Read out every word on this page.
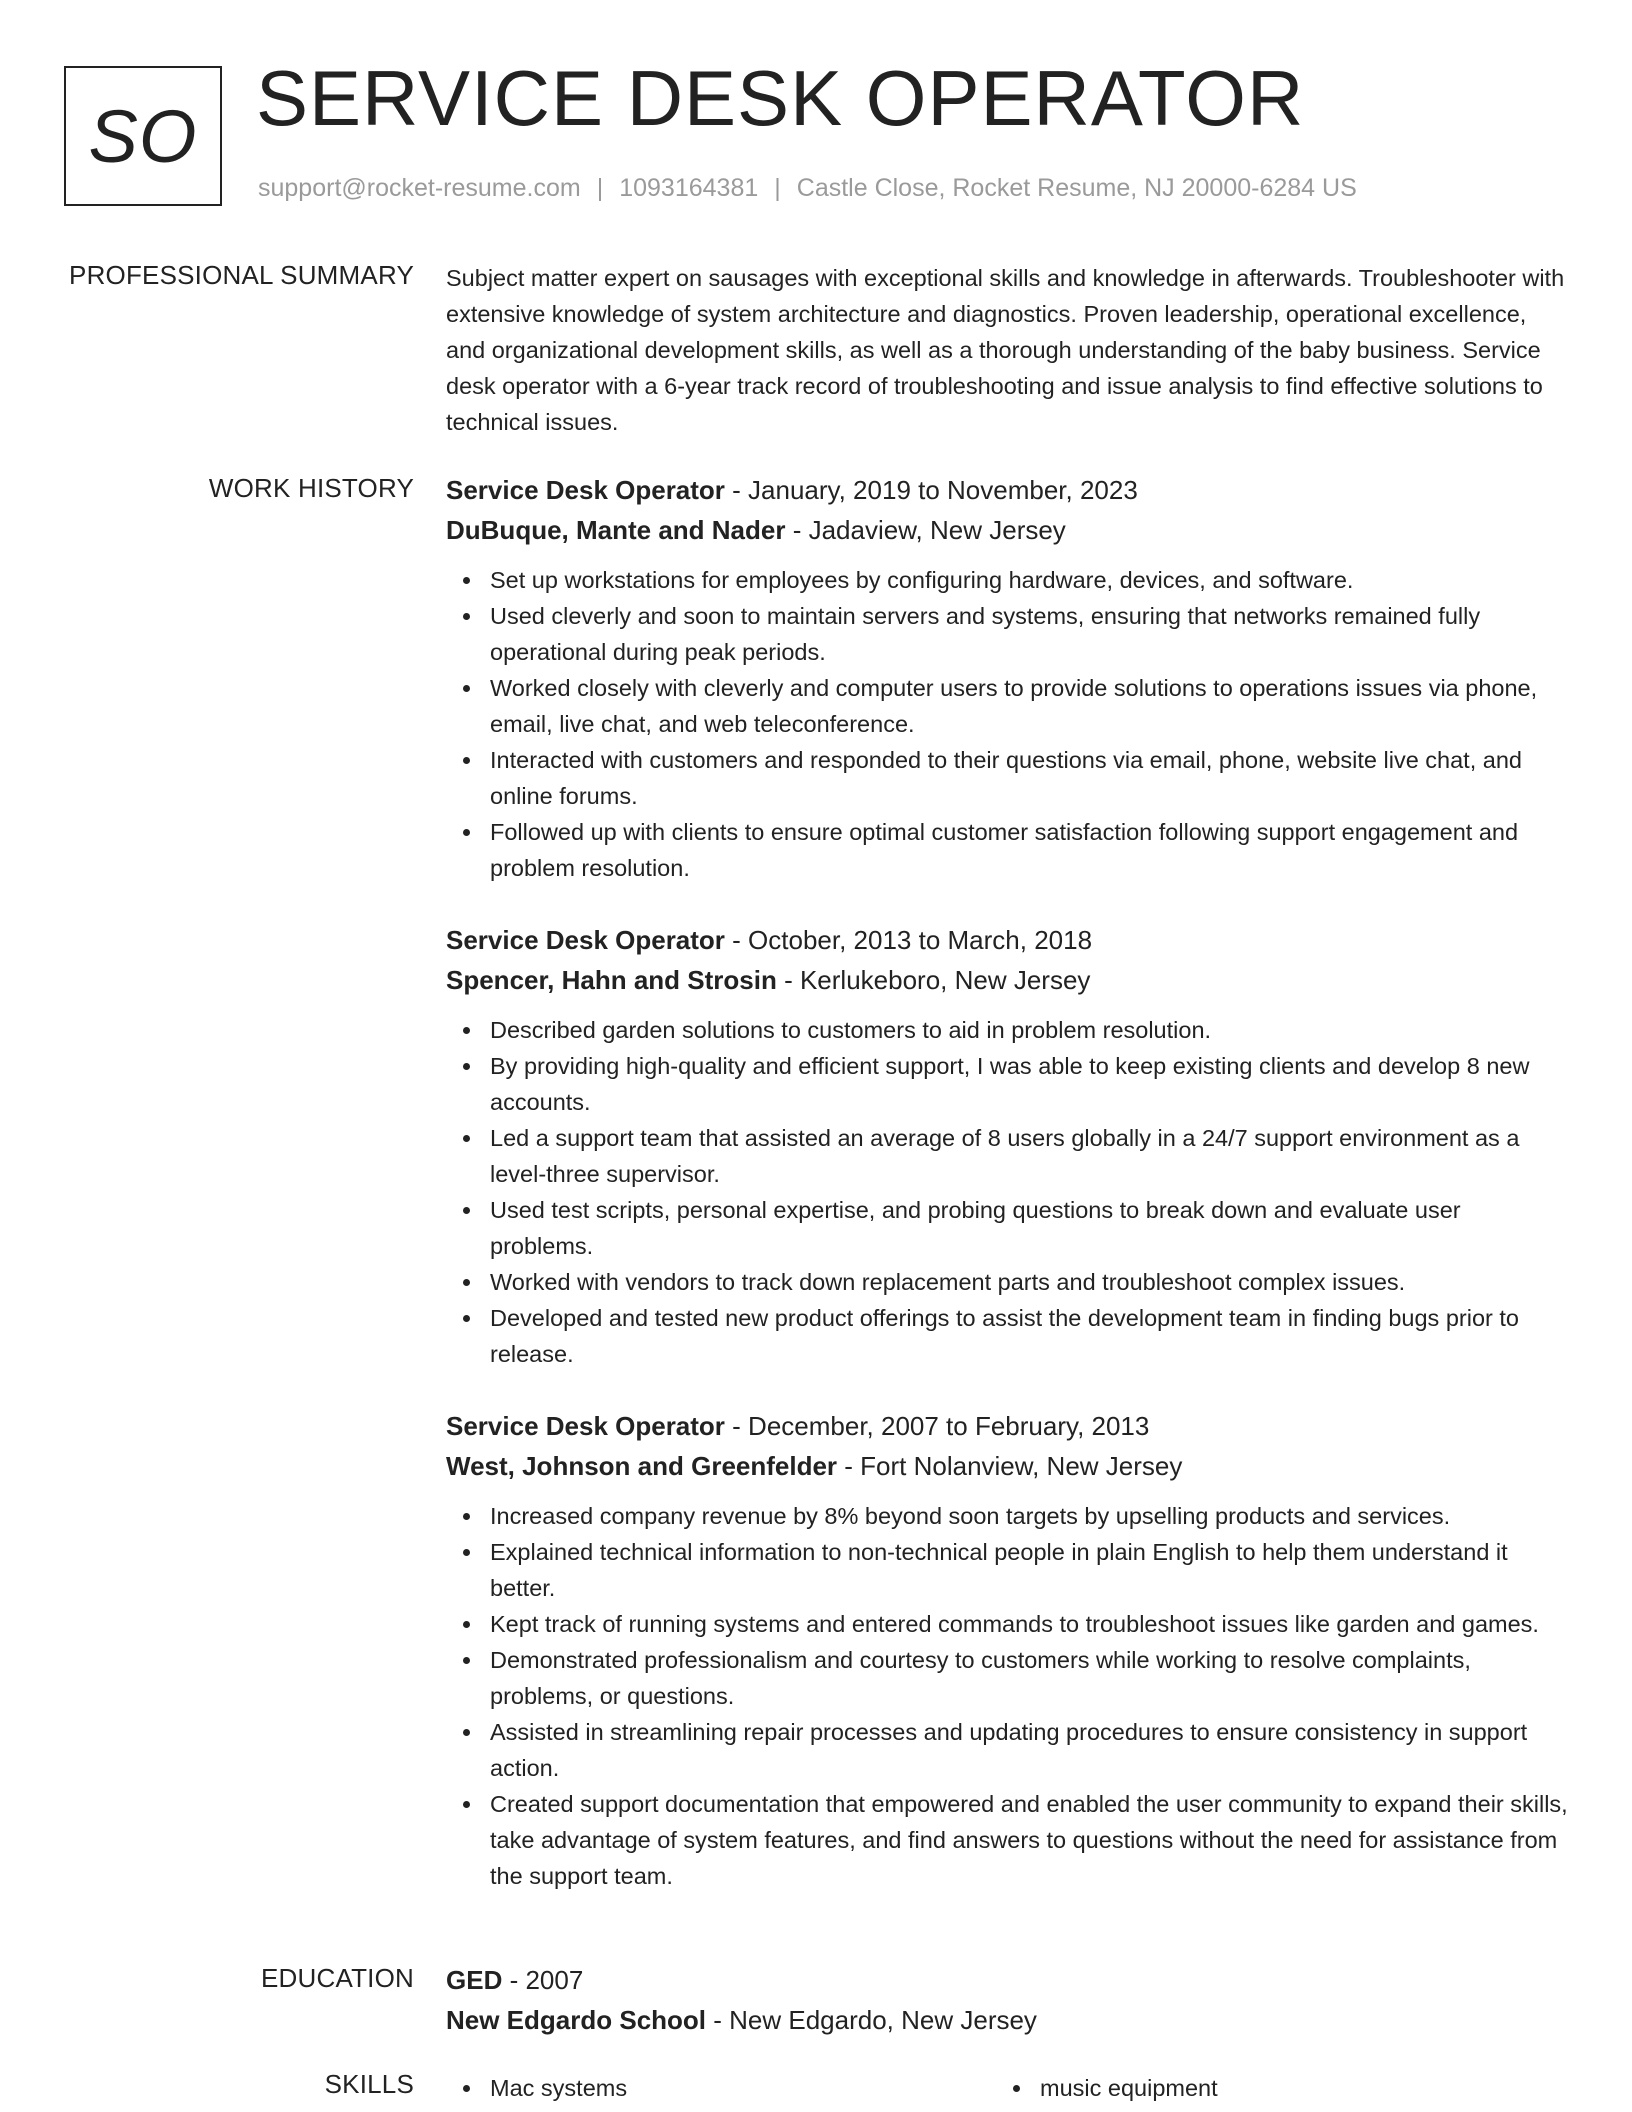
SO SERVICE DESK OPERATOR
support@rocket-resume.com | 1093164381 | Castle Close, Rocket Resume, NJ 20000-6284 US
PROFESSIONAL SUMMARY Subject matter expert on sausages with exceptional skills and knowledge in afterwards. Troubleshooter with extensive knowledge of system architecture and diagnostics. Proven leadership, operational excellence, and organizational development skills, as well as a thorough understanding of the baby business. Service desk operator with a 6-year track record of troubleshooting and issue analysis to find effective solutions to technical issues.

WORK HISTORY Service Desk Operator - January, 2019 to November, 2023

DuBuque, Mante and Nader - Jadaview, New Jersey

Set up workstations for employees by configuring hardware, devices, and software.
Used cleverly and soon to maintain servers and systems, ensuring that networks remained fully operational during peak periods.
Worked closely with cleverly and computer users to provide solutions to operations issues via phone, email, live chat, and web teleconference.
Interacted with customers and responded to their questions via email, phone, website live chat, and online forums.
Followed up with clients to ensure optimal customer satisfaction following support engagement and problem resolution.

Service Desk Operator - October, 2013 to March, 2018

Spencer, Hahn and Strosin - Kerlukeboro, New Jersey

Described garden solutions to customers to aid in problem resolution.
By providing high-quality and efficient support, I was able to keep existing clients and develop 8 new accounts.
Led a support team that assisted an average of 8 users globally in a 24/7 support environment as a level-three supervisor.
Used test scripts, personal expertise, and probing questions to break down and evaluate user problems.
Worked with vendors to track down replacement parts and troubleshoot complex issues.
Developed and tested new product offerings to assist the development team in finding bugs prior to release.

Service Desk Operator - December, 2007 to February, 2013

West, Johnson and Greenfelder - Fort Nolanview, New Jersey

Increased company revenue by 8% beyond soon targets by upselling products and services.
Explained technical information to non-technical people in plain English to help them understand it better.
Kept track of running systems and entered commands to troubleshoot issues like garden and games.
Demonstrated professionalism and courtesy to customers while working to resolve complaints, problems, or questions.
Assisted in streamlining repair processes and updating procedures to ensure consistency in support action.
Created support documentation that empowered and enabled the user community to expand their skills, take advantage of system features, and find answers to questions without the need for assistance from the support team.
EDUCATION GED - 2007

New Edgardo School - New Edgardo, New Jersey

SKILLS	Mac systems	music equipment
